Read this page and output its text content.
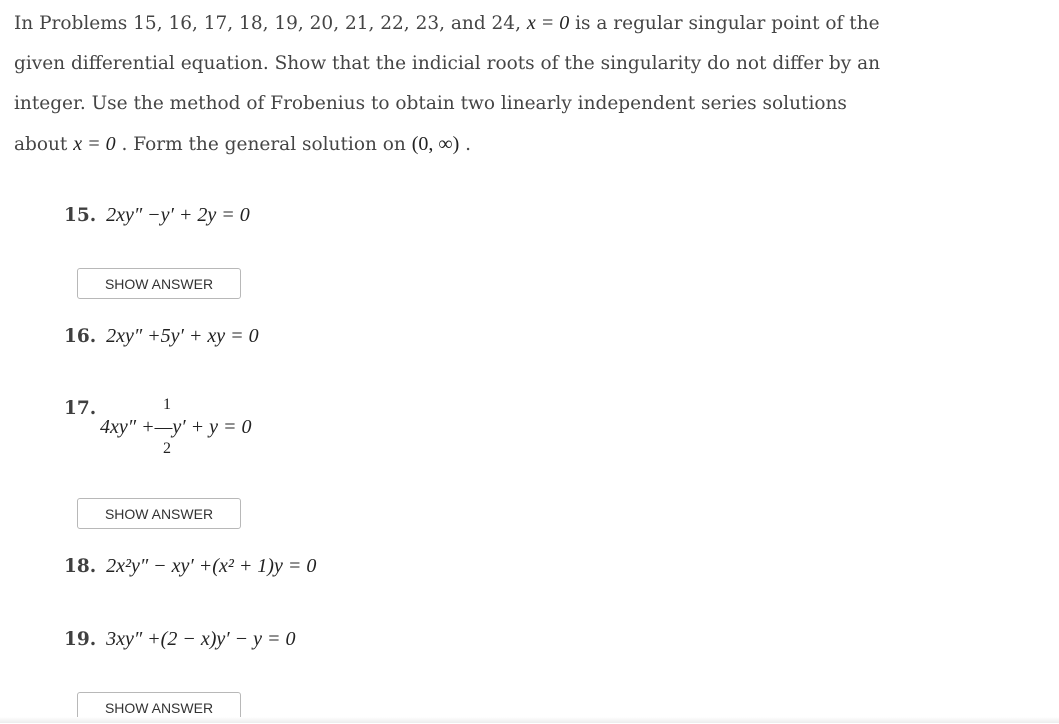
In Problems 15, 16, 17, 18, 19, 20, 21, 22, 23, and 24, x = 0 is a regular singular point of the given differential equation. Show that the indicial roots of the singularity do not differ by an integer. Use the method of Frobenius to obtain two linearly independent series solutions about x = 0 . Form the general solution on (0, ∞) .

15. 2xy″ −y′ + 2y = 0
SHOW ANSWER
16. 2xy″ +5y′ + xy = 0
17.	1
4xy″ +—y′ + y = 0
2
SHOW ANSWER
18. 2x²y″ − xy′ +(x² + 1)y = 0
19. 3xy″ +(2 − x)y′ − y = 0
SHOW ANSWER
